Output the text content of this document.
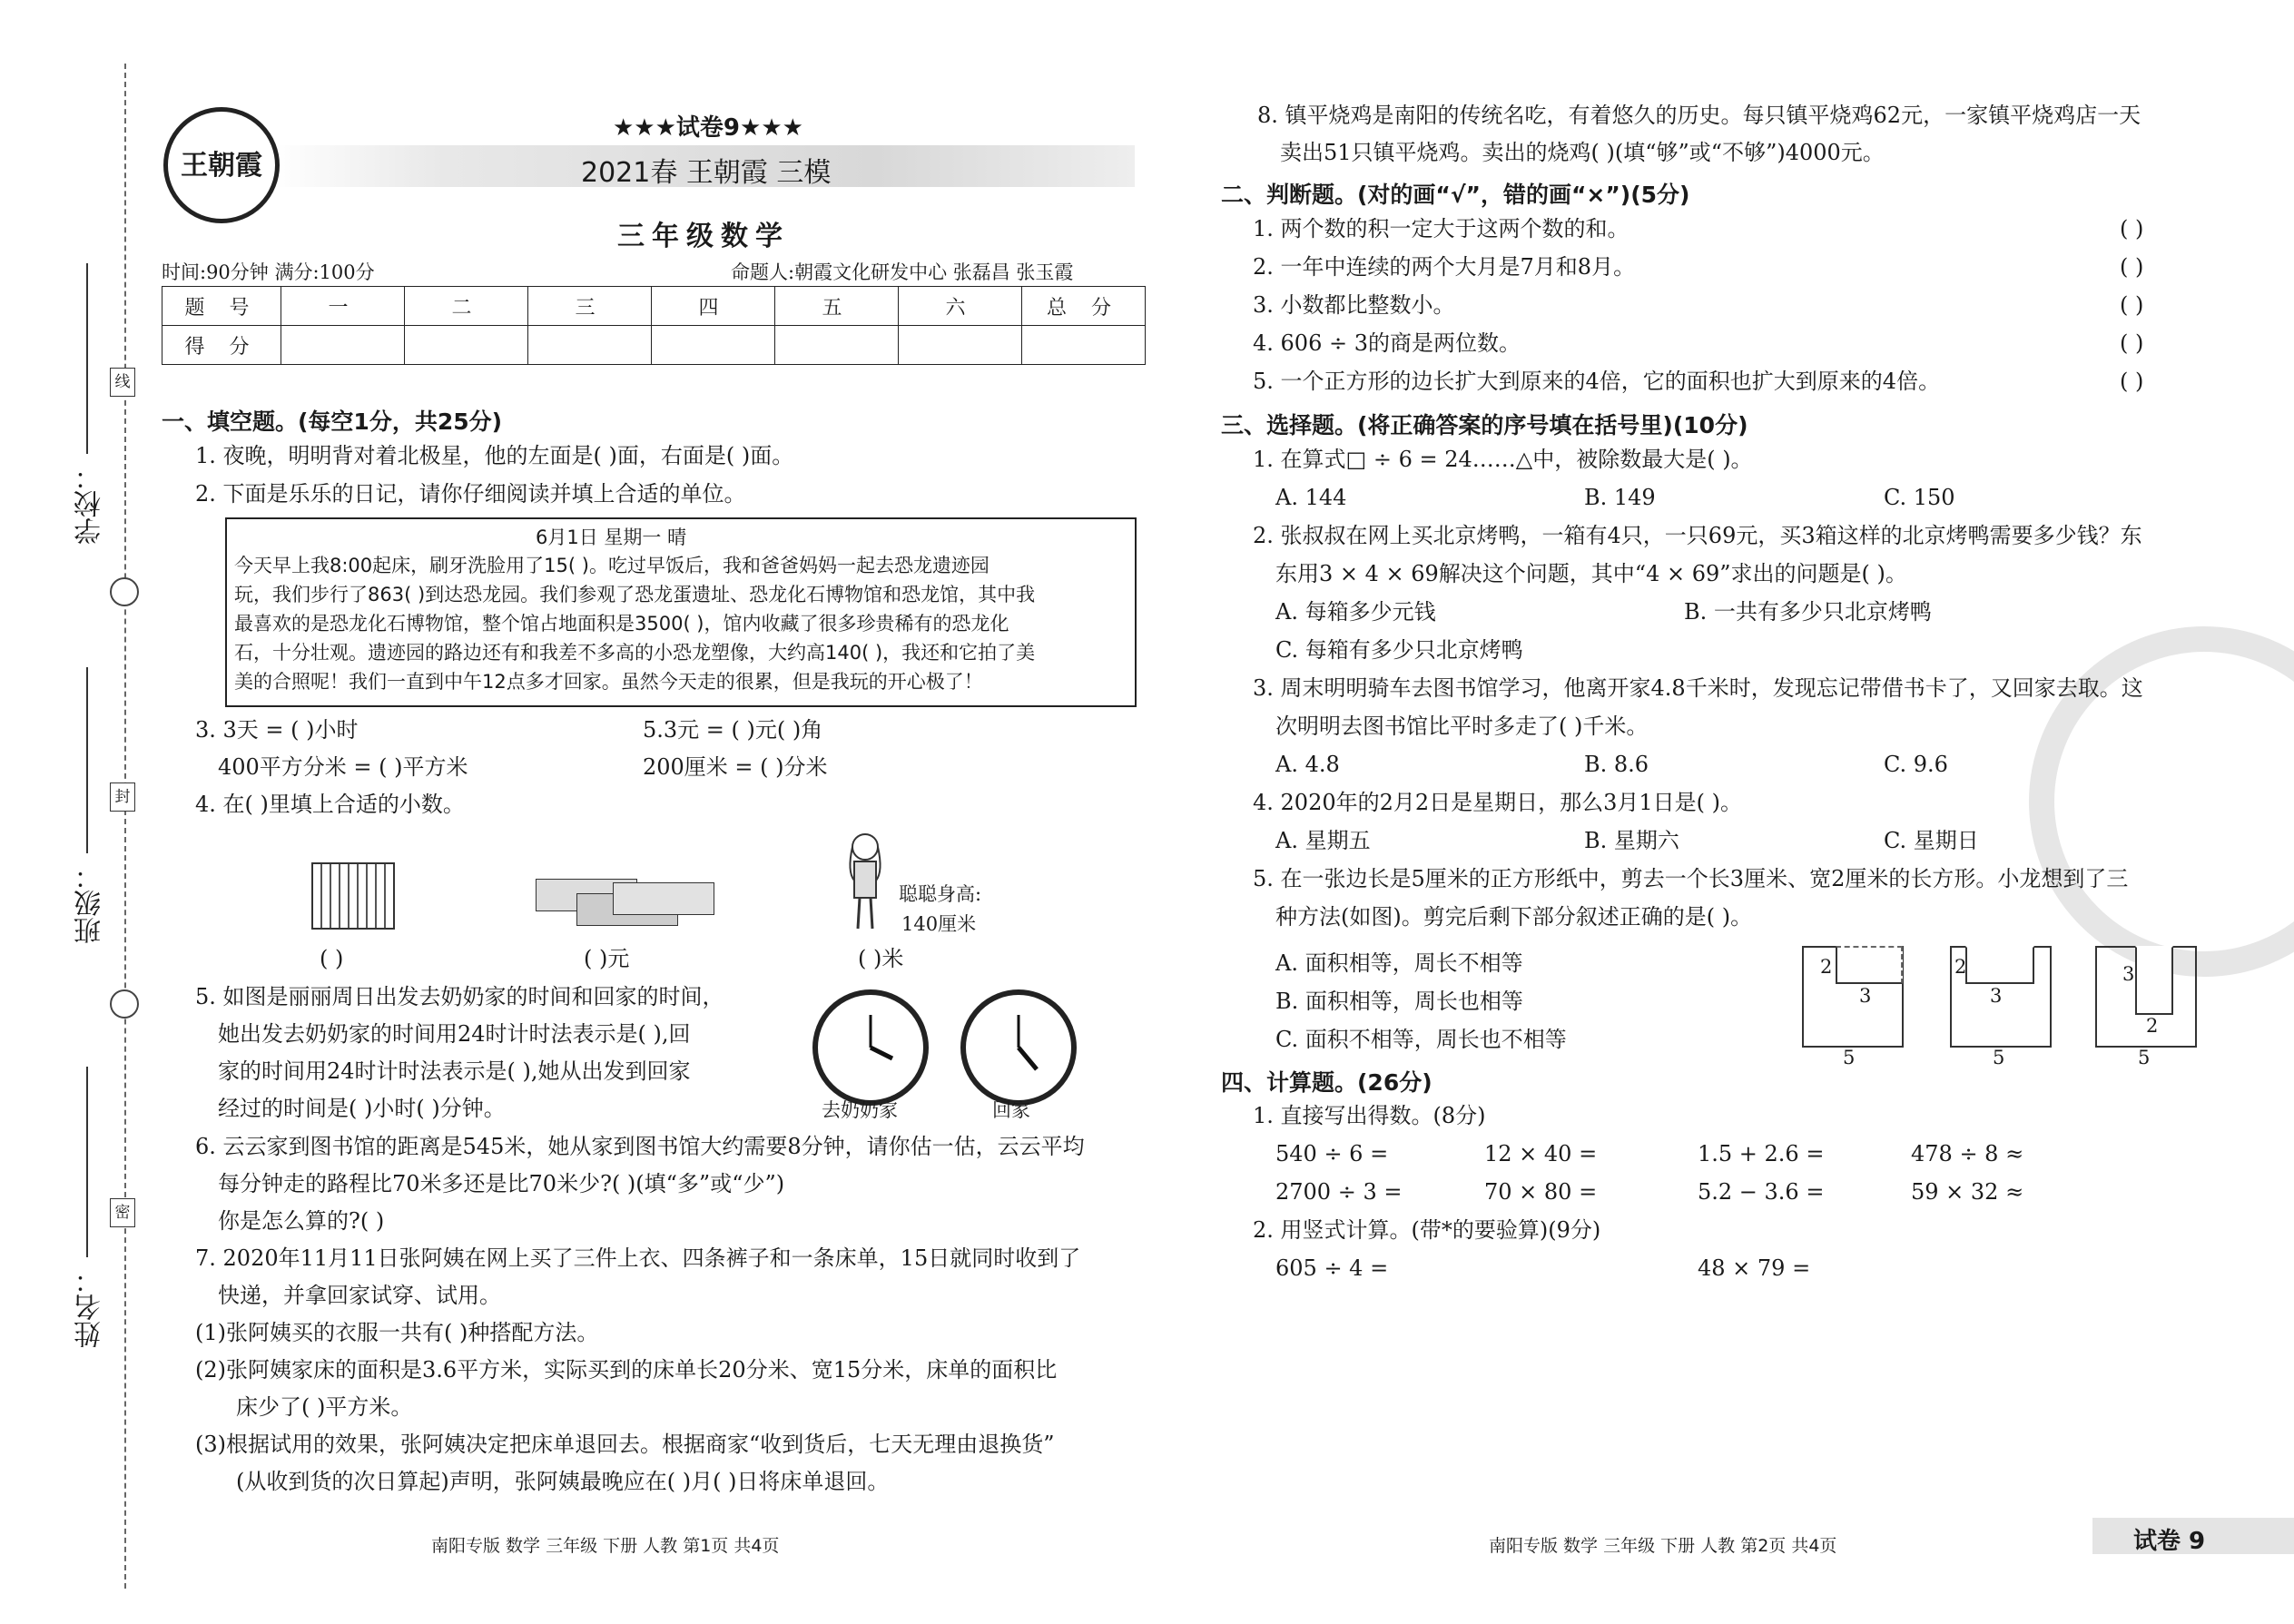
线
封
密
学校：
班级：
姓名：
王朝霞
★★★试卷9★★★
2021春 王朝霞 三模
三年级数学
时间:90分钟 满分:100分	命题人:朝霞文化研发中心 张磊昌 张玉霞
题 号	一	二	三	四	五	六	总 分
得 分							
一、填空题。(每空1分，共25分)
1. 夜晚，明明背对着北极星，他的左面是( )面，右面是( )面。
2. 下面是乐乐的日记，请你仔细阅读并填上合适的单位。
6月1日 星期一 晴
今天早上我8:00起床，刷牙洗脸用了15( )。吃过早饭后，我和爸爸妈妈一起去恐龙遗迹园
玩，我们步行了863( )到达恐龙园。我们参观了恐龙蛋遗址、恐龙化石博物馆和恐龙馆，其中我
最喜欢的是恐龙化石博物馆，整个馆占地面积是3500( )，馆内收藏了很多珍贵稀有的恐龙化
石，十分壮观。遗迹园的路边还有和我差不多高的小恐龙塑像，大约高140( )，我还和它拍了美
美的合照呢！我们一直到中午12点多才回家。虽然今天走的很累，但是我玩的开心极了！
3. 3天 = ( )小时	5.3元 = ( )元( )角
400平方分米 = ( )平方米	200厘米 = ( )分米
4. 在( )里填上合适的小数。
聪聪身高:
140厘米
( )	( )元	( )米
5. 如图是丽丽周日出发去奶奶家的时间和回家的时间，
她出发去奶奶家的时间用24时计时法表示是( ),回
家的时间用24时计时法表示是( ),她从出发到回家
经过的时间是( )小时( )分钟。	去奶奶家	回家
6. 云云家到图书馆的距离是545米，她从家到图书馆大约需要8分钟，请你估一估，云云平均
每分钟走的路程比70米多还是比70米少?( )(填“多”或“少”)
你是怎么算的?( )
7. 2020年11月11日张阿姨在网上买了三件上衣、四条裤子和一条床单，15日就同时收到了
快递，并拿回家试穿、试用。
(1)张阿姨买的衣服一共有( )种搭配方法。
(2)张阿姨家床的面积是3.6平方米，实际买到的床单长20分米、宽15分米，床单的面积比
床少了( )平方米。
(3)根据试用的效果，张阿姨决定把床单退回去。根据商家“收到货后，七天无理由退换货”
(从收到货的次日算起)声明，张阿姨最晚应在( )月( )日将床单退回。
南阳专版 数学 三年级 下册 人教 第1页 共4页
8. 镇平烧鸡是南阳的传统名吃，有着悠久的历史。每只镇平烧鸡62元，一家镇平烧鸡店一天
卖出51只镇平烧鸡。卖出的烧鸡( )(填“够”或“不够”)4000元。
二、判断题。(对的画“√”，错的画“×”)(5分)
1. 两个数的积一定大于这两个数的和。
2. 一年中连续的两个大月是7月和8月。
3. 小数都比整数小。
4. 606 ÷ 3的商是两位数。
5. 一个正方形的边长扩大到原来的4倍，它的面积也扩大到原来的4倍。
( )
( )
( )
( )
( )
三、选择题。(将正确答案的序号填在括号里)(10分)
1. 在算式□ ÷ 6 = 24……△中，被除数最大是( )。
A. 144	B. 149	C. 150
2. 张叔叔在网上买北京烤鸭，一箱有4只，一只69元，买3箱这样的北京烤鸭需要多少钱？东
东用3 × 4 × 69解决这个问题，其中“4 × 69”求出的问题是( )。
A. 每箱多少元钱	B. 一共有多少只北京烤鸭
C. 每箱有多少只北京烤鸭
3. 周末明明骑车去图书馆学习，他离开家4.8千米时，发现忘记带借书卡了，又回家去取。这
次明明去图书馆比平时多走了( )千米。
A. 4.8	B. 8.6	C. 9.6
4. 2020年的2月2日是星期日，那么3月1日是( )。
A. 星期五	B. 星期六	C. 星期日
5. 在一张边长是5厘米的正方形纸中，剪去一个长3厘米、宽2厘米的长方形。小龙想到了三
种方法(如图)。剪完后剩下部分叙述正确的是( )。
A. 面积相等，周长不相等
B. 面积相等，周长也相等
C. 面积不相等，周长也不相等
2
3
5
2
3
5
3
2
5
四、计算题。(26分)
1. 直接写出得数。(8分)
540 ÷ 6 =	12 × 40 =	1.5 + 2.6 =	478 ÷ 8 ≈
2700 ÷ 3 =	70 × 80 =	5.2 − 3.6 =	59 × 32 ≈
2. 用竖式计算。(带*的要验算)(9分)
605 ÷ 4 =	48 × 79 =
南阳专版 数学 三年级 下册 人教 第2页 共4页	试卷 9
